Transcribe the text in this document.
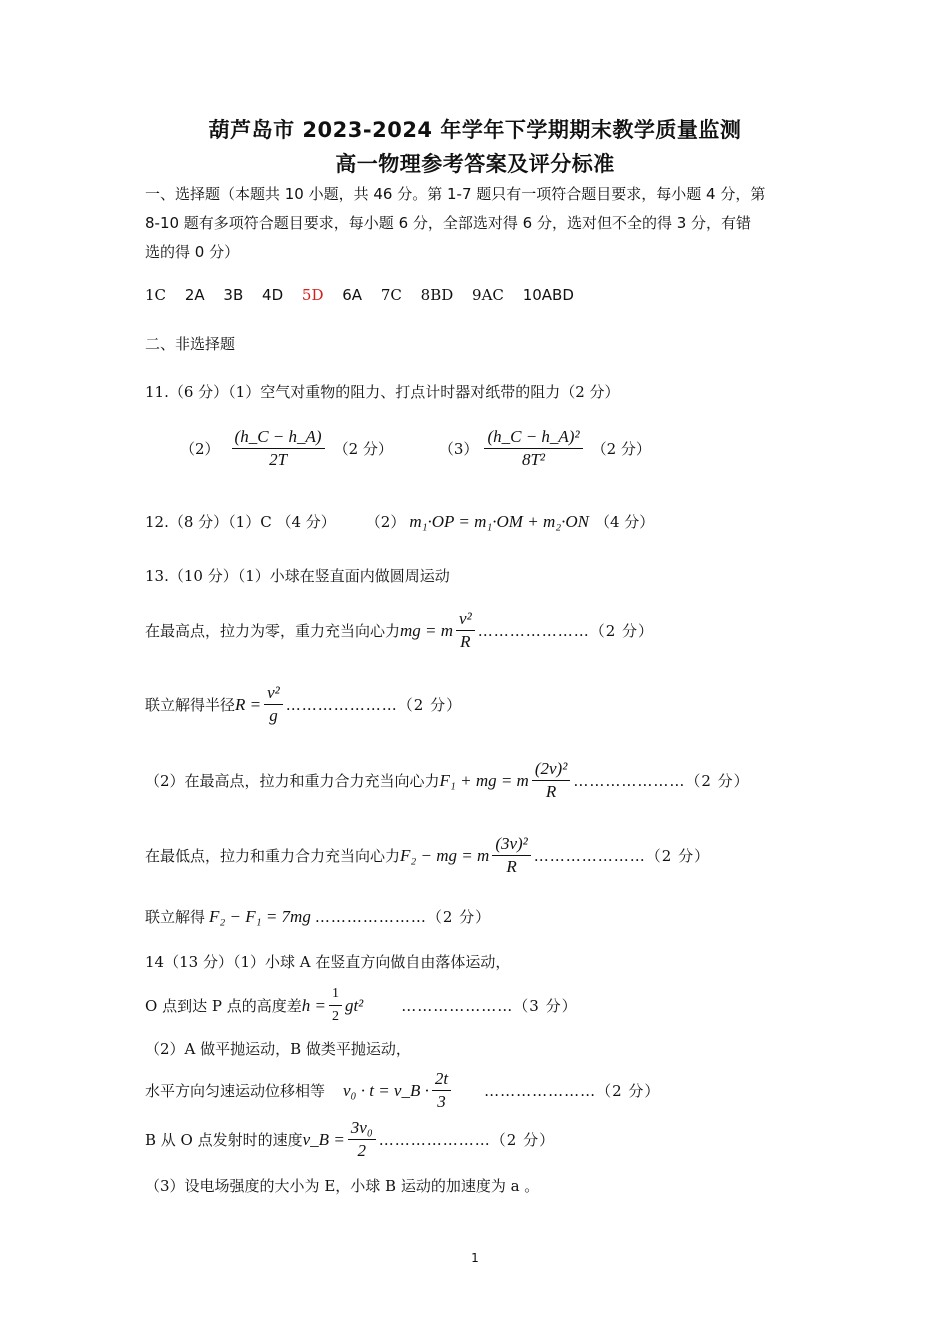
葫芦岛市 2023-2024 年学年下学期期末教学质量监测
高一物理参考答案及评分标准
一、选择题（本题共 10 小题，共 46 分。第 1-7 题只有一项符合题目要求，每小题 4 分，第
8-10 题有多项符合题目要求，每小题 6 分，全部选对得 6 分，选对但不全的得 3 分，有错
选的得 0 分）
1C 2A 3B 4D 5D 6A 7C 8BD 9AC 10ABD
二、非选择题
11.（6 分）（1）空气对重物的阻力、打点计时器对纸带的阻力（2 分）
$(2) \frac{(h\_C - h\_A)}{2T} (2$ 分）	$(3) \frac{\text{(h\_C − h\_A)²}}{\text{8T²}} (2$ 分）
12.（8 分）（1）C （4 分） （2） m₁·OP = m₁·OM + m₂·ON （4 分）
13.（10 分）（1）小球在竖直面内做圆周运动
在最高点，拉力为零，重力充当向心力 mg = m $\frac{\text{v²}}{R}$ …………………（2 分）
联立解得半径 $R = \frac{\text{v²}}{g}$ …………………（2 分）
（2）在最高点，拉力和重力合力充当向心力 F₁ + mg = m $\frac{\text{(2v)²}}{R}$ …………………（2 分）
在最低点，拉力和重力合力充当向心力 F₂ − mg = m $\frac{\text{(3v)²}}{R}$ …………………（2 分）
联立解得 F₂ − F₁ = 7mg …………………（2 分）
14（13 分）（1）小球 A 在竖直方向做自由落体运动，
O 点到达 P 点的高度差 $h = \frac{1}{2} gt^2$	…………………（3 分）
（2）A 做平抛运动，B 做类平抛运动，
水平方向匀速运动位移相等 v₀ · t = v_B · $\frac{2t}{3}$ …………………（2 分）
B 从 O 点发射时的速度 v_B = $\frac{\text{3v₀}}{2}$ …………………（2 分）
（3）设电场强度的大小为 E，小球 B 运动的加速度为 a 。
1
